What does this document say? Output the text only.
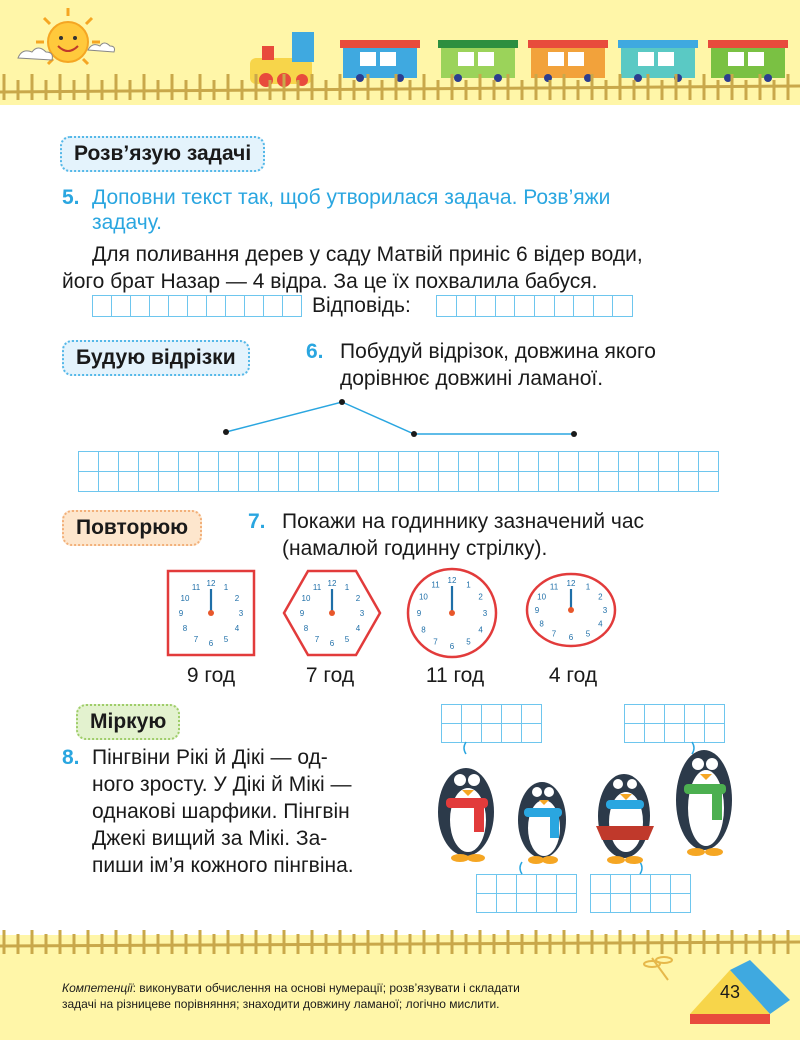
Розв’язую задачі
5. Доповни текст так, щоб утворилася задача. Розв’яжи
задачу.
Для поливання дерев у саду Матвій приніс 6 відер води,
його брат Назар — 4 відра. За це їх похвалила бабуся.
Відповідь:
Будую відрізки	6. Побудуй відрізок, довжина якого
дорівнює довжині ламаної.
Повторюю	7. Покажи на годиннику зазначений час
(намалюй годинну стрілку).
1
2
3
4
5
6
7
8
9
10
11 12	1
2
3
4
5
6
7
8
9
10
11 12	1
2
3
4
5
6
7
8
9
10
11 12
1
2
3
4
5
6
7
8
9
10
11 12
9 год	7 год	11 год	4 год
Міркую
8. Пінгвіни Рікі й Дікі — од-
ного зросту. У Дікі й Мікі —
однакові шарфики. Пінгвін
Джекі вищий за Мікі. За-
пиши ім’я кожного пінгвіна.
Компетенції: виконувати обчислення на основі нумерації; розв’язувати і складати
задачі на різницеве порівняння; знаходити довжину ламаної; логічно мислити.
43
